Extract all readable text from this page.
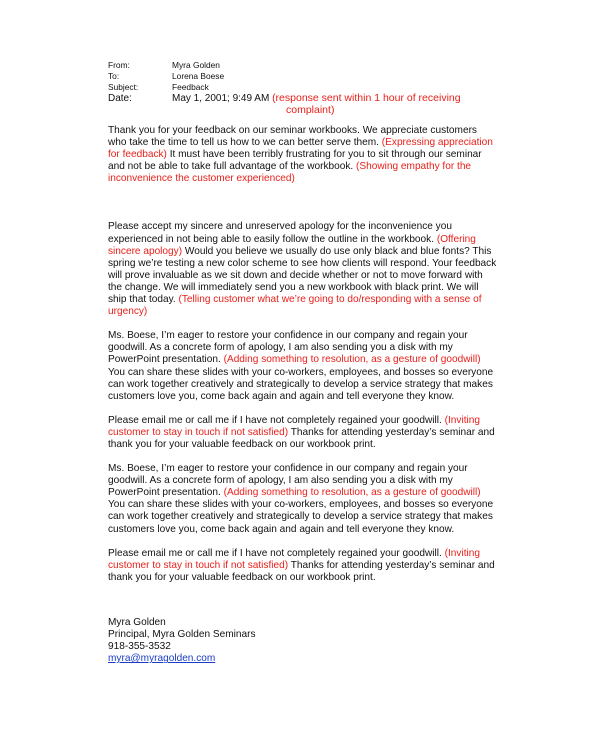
From:	Myra Golden
To:	Lorena Boese
Subject:	Feedback
Date:	May 1, 2001; 9:49 AM (response sent within 1 hour of receiving
complaint)

Thank you for your feedback on our seminar workbooks. We appreciate customers who take the time to tell us how to we can better serve them. (Expressing appreciation for feedback) It must have been terribly frustrating for you to sit through our seminar and not be able to take full advantage of the workbook. (Showing empathy for the inconvenience the customer experienced)

Please accept my sincere and unreserved apology for the inconvenience you experienced in not being able to easily follow the outline in the workbook. (Offering sincere apology) Would you believe we usually do use only black and blue fonts? This spring we’re testing a new color scheme to see how clients will respond. Your feedback will prove invaluable as we sit down and decide whether or not to move forward with the change. We will immediately send you a new workbook with black print. We will ship that today. (Telling customer what we’re going to do/responding with a sense of urgency)

Ms. Boese, I’m eager to restore your confidence in our company and regain your goodwill. As a concrete form of apology, I am also sending you a disk with my PowerPoint presentation. (Adding something to resolution, as a gesture of goodwill) You can share these slides with your co-workers, employees, and bosses so everyone can work together creatively and strategically to develop a service strategy that makes customers love you, come back again and again and tell everyone they know.

Please email me or call me if I have not completely regained your goodwill. (Inviting customer to stay in touch if not satisfied) Thanks for attending yesterday’s seminar and thank you for your valuable feedback on our workbook print.

Ms. Boese, I’m eager to restore your confidence in our company and regain your goodwill. As a concrete form of apology, I am also sending you a disk with my PowerPoint presentation. (Adding something to resolution, as a gesture of goodwill) You can share these slides with your co-workers, employees, and bosses so everyone can work together creatively and strategically to develop a service strategy that makes customers love you, come back again and again and tell everyone they know.

Please email me or call me if I have not completely regained your goodwill. (Inviting customer to stay in touch if not satisfied) Thanks for attending yesterday’s seminar and thank you for your valuable feedback on our workbook print.

Myra Golden
Principal, Myra Golden Seminars
918-355-3532
myra@myragolden.com
